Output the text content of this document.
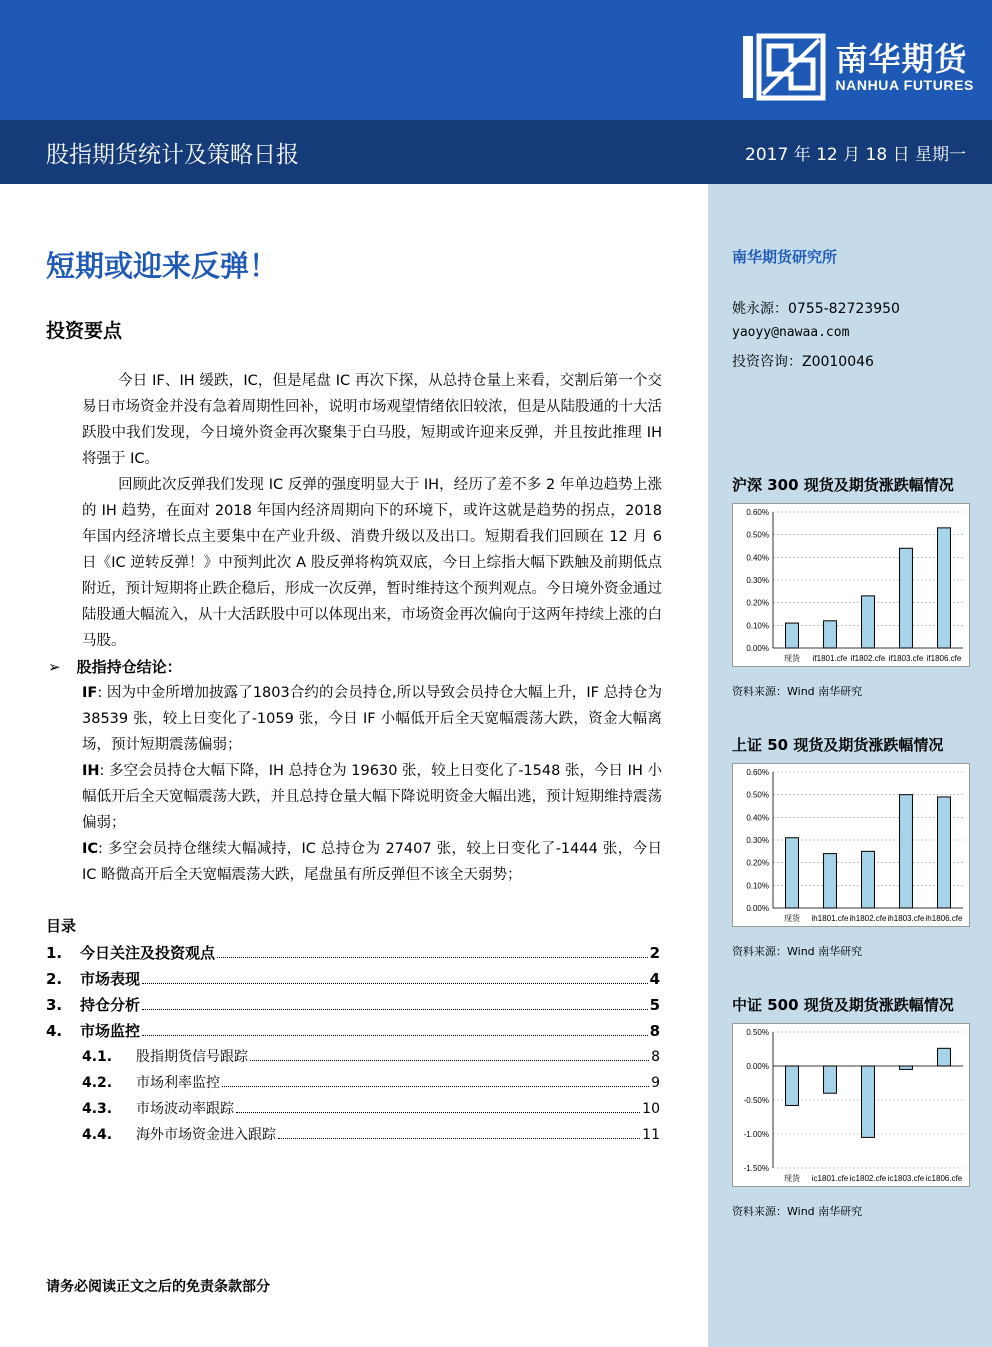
南华期货
NANHUA FUTURES
股指期货统计及策略日报	2017 年 12 月 18 日 星期一
南华期货研究所
姚永源：0755-82723950
yaoyy@nawaa.com
投资咨询：Z0010046
沪深 300 现货及期货涨跌幅情况
0.00%
0.10%
0.20%
0.30%
0.40%
0.50%
0.60%
现货 if1801.cfe if1802.cfe if1803.cfe if1806.cfe
资料来源：Wind 南华研究
上证 50 现货及期货涨跌幅情况
0.00%
0.10%
0.20%
0.30%
0.40%
0.50%
0.60%
现货 ih1801.cfe ih1802.cfe ih1803.cfe ih1806.cfe
资料来源：Wind 南华研究
中证 500 现货及期货涨跌幅情况
-1.50%
-1.00%
-0.50%
0.00%
0.50%
现货 ic1801.cfe ic1802.cfe ic1803.cfe ic1806.cfe
资料来源：Wind 南华研究
短期或迎来反弹！
投资要点
今日 IF、IH 缓跌，IC，但是尾盘 IC 再次下探，从总持仓量上来看，交割后第一个交易日市场资金并没有急着周期性回补，说明市场观望情绪依旧较浓，但是从陆股通的十大活跃股中我们发现，今日境外资金再次聚集于白马股，短期或许迎来反弹，并且按此推理 IH 将强于 IC。
回顾此次反弹我们发现 IC 反弹的强度明显大于 IH，经历了差不多 2 年单边趋势上涨的 IH 趋势，在面对 2018 年国内经济周期向下的环境下，或许这就是趋势的拐点，2018 年国内经济增长点主要集中在产业升级、消费升级以及出口。短期看我们回顾在 12 月 6 日《IC 逆转反弹！》中预判此次 A 股反弹将构筑双底，今日上综指大幅下跌触及前期低点附近，预计短期将止跌企稳后，形成一次反弹，暂时维持这个预判观点。今日境外资金通过陆股通大幅流入，从十大活跃股中可以体现出来，市场资金再次偏向于这两年持续上涨的白马股。
➢ 股指持仓结论：
IF: 因为中金所增加披露了1803合约的会员持仓,所以导致会员持仓大幅上升，IF 总持仓为 38539 张，较上日变化了-1059 张，今日 IF 小幅低开后全天宽幅震荡大跌，资金大幅离场，预计短期震荡偏弱；
IH: 多空会员持仓大幅下降，IH 总持仓为 19630 张，较上日变化了-1548 张，今日 IH 小幅低开后全天宽幅震荡大跌，并且总持仓量大幅下降说明资金大幅出逃，预计短期维持震荡偏弱；
IC: 多空会员持仓继续大幅减持，IC 总持仓为 27407 张，较上日变化了-1444 张，今日 IC 略微高开后全天宽幅震荡大跌，尾盘虽有所反弹但不该全天弱势；
目录
1.	今日关注及投资观点	2
2.	市场表现	4
3.	持仓分析	5
4.	市场监控	8
4.1.	股指期货信号跟踪	8
4.2.	市场利率监控	9
4.3.	市场波动率跟踪	10
4.4.	海外市场资金进入跟踪	11
请务必阅读正文之后的免责条款部分
